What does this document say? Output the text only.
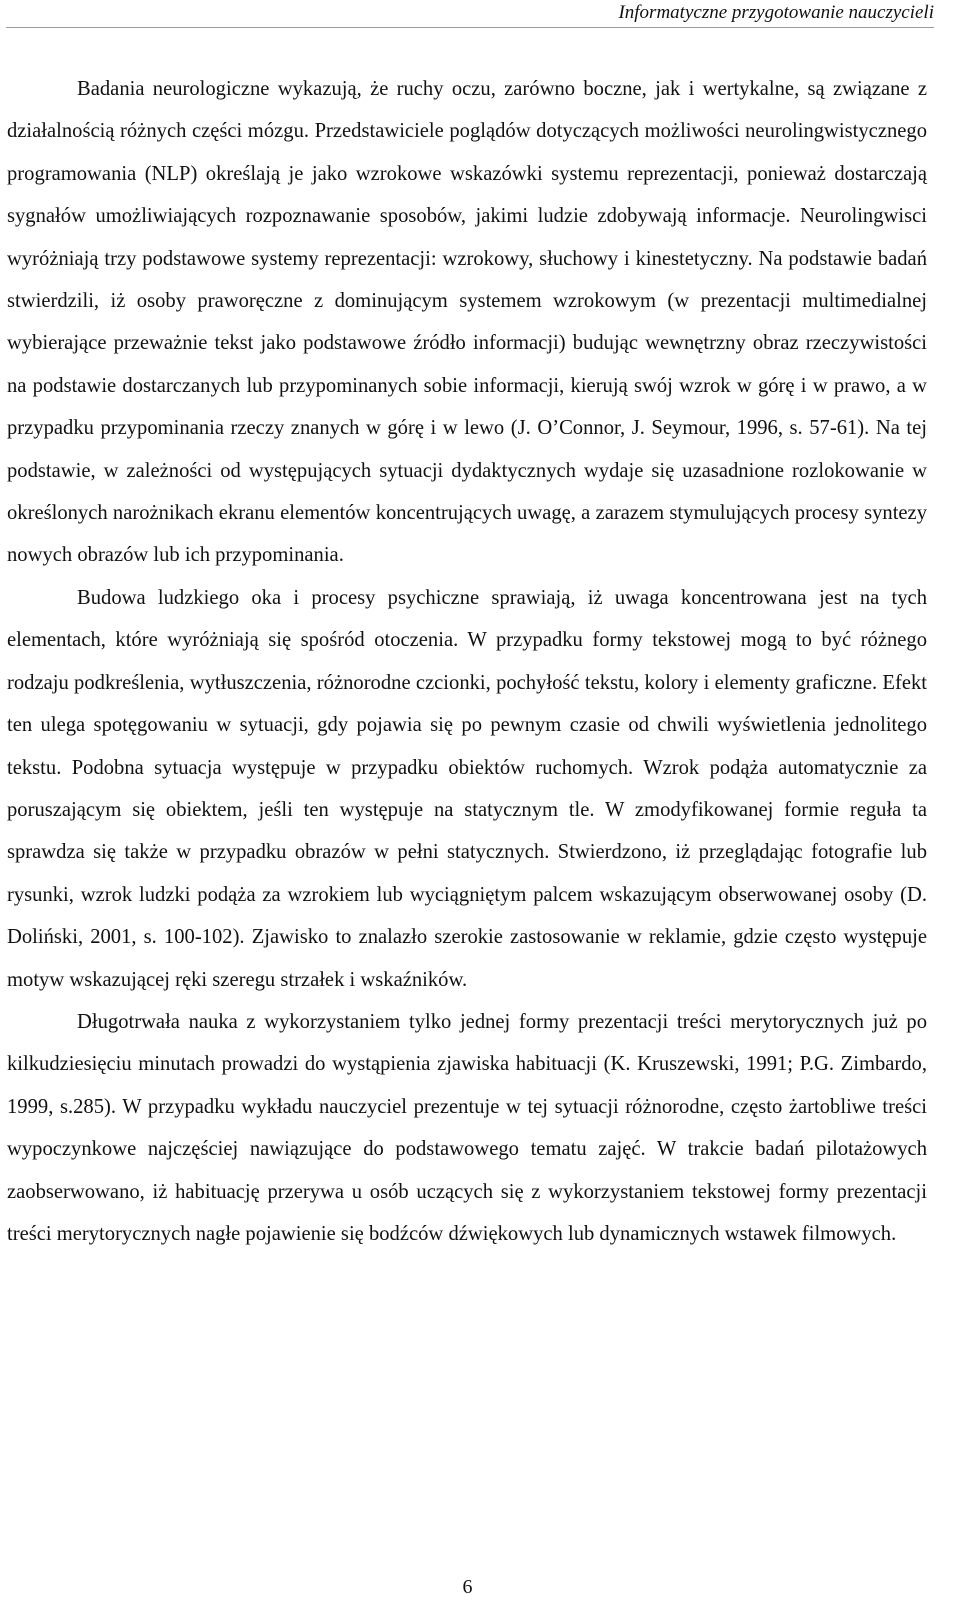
Informatyczne przygotowanie nauczycieli

Badania neurologiczne wykazują, że ruchy oczu, zarówno boczne, jak i wertykalne, są związane z działalnością różnych części mózgu. Przedstawiciele poglądów dotyczących możliwości neurolingwistycznego programowania (NLP) określają je jako wzrokowe wskazówki systemu reprezentacji, ponieważ dostarczają sygnałów umożliwiających rozpoznawanie sposobów, jakimi ludzie zdobywają informacje. Neurolingwisci wyróżniają trzy podstawowe systemy reprezentacji: wzrokowy, słuchowy i kinestetyczny. Na podstawie badań stwierdzili, iż osoby praworęczne z dominującym systemem wzrokowym (w prezentacji multimedialnej wybierające przeważnie tekst jako podstawowe źródło informacji) budując wewnętrzny obraz rzeczywistości na podstawie dostarczanych lub przypominanych sobie informacji, kierują swój wzrok w górę i w prawo, a w przypadku przypominania rzeczy znanych w górę i w lewo (J. O’Connor, J. Seymour, 1996, s. 57-61). Na tej podstawie, w zależności od występujących sytuacji dydaktycznych wydaje się uzasadnione rozlokowanie w określonych narożnikach ekranu elementów koncentrujących uwagę, a zarazem stymulujących procesy syntezy nowych obrazów lub ich przypominania.

Budowa ludzkiego oka i procesy psychiczne sprawiają, iż uwaga koncentrowana jest na tych elementach, które wyróżniają się spośród otoczenia. W przypadku formy tekstowej mogą to być różnego rodzaju podkreślenia, wytłuszczenia, różnorodne czcionki, pochyłość tekstu, kolory i elementy graficzne. Efekt ten ulega spotęgowaniu w sytuacji, gdy pojawia się po pewnym czasie od chwili wyświetlenia jednolitego tekstu. Podobna sytuacja występuje w przypadku obiektów ruchomych. Wzrok podąża automatycznie za poruszającym się obiektem, jeśli ten występuje na statycznym tle. W zmodyfikowanej formie reguła ta sprawdza się także w przypadku obrazów w pełni statycznych. Stwierdzono, iż przeglądając fotografie lub rysunki, wzrok ludzki podąża za wzrokiem lub wyciągniętym palcem wskazującym obserwowanej osoby (D. Doliński, 2001, s. 100-102). Zjawisko to znalazło szerokie zastosowanie w reklamie, gdzie często występuje motyw wskazującej ręki szeregu strzałek i wskaźników.

Długotrwała nauka z wykorzystaniem tylko jednej formy prezentacji treści merytorycznych już po kilkudziesięciu minutach prowadzi do wystąpienia zjawiska habituacji (K. Kruszewski, 1991; P.G. Zimbardo, 1999, s.285). W przypadku wykładu nauczyciel prezentuje w tej sytuacji różnorodne, często żartobliwe treści wypoczynkowe najczęściej nawiązujące do podstawowego tematu zajęć. W trakcie badań pilotażowych zaobserwowano, iż habituację przerywa u osób uczących się z wykorzystaniem tekstowej formy prezentacji treści merytorycznych nagłe pojawienie się bodźców dźwiękowych lub dynamicznych wstawek filmowych.

6
